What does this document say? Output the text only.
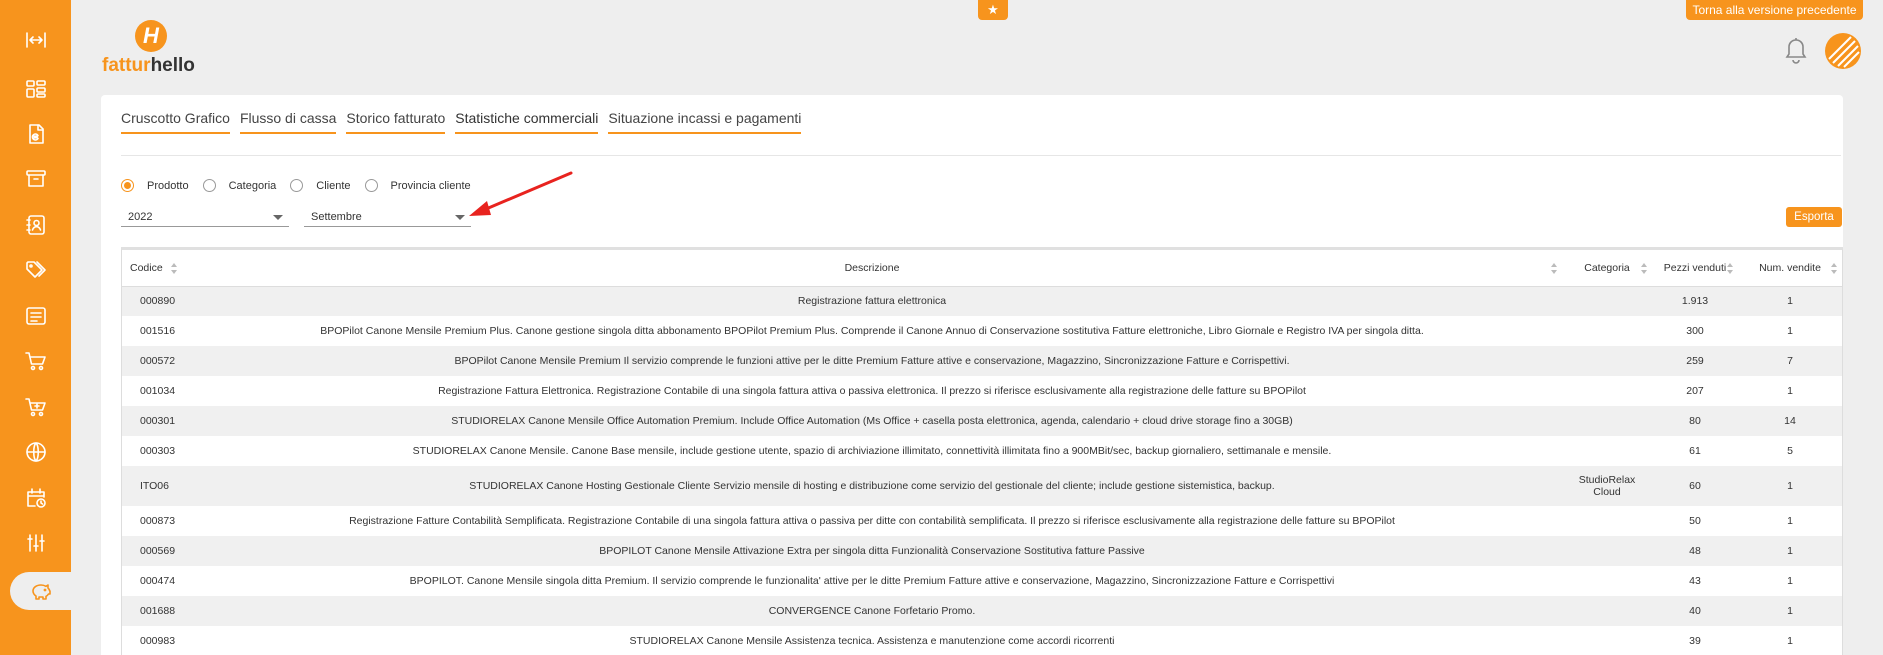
H
fatturhello
★	Torna alla versione precedente
Cruscotto Grafico Flusso di cassa Storico fatturato Statistiche commerciali Situazione incassi e pagamenti
Prodotto	Categoria	Cliente	Provincia cliente
2022	Settembre	Esporta
Codice	Descrizione	Categoria	Pezzi venduti	Num. vendite

000890	Registrazione fattura elettronica		1.913	1
001516	BPOPilot Canone Mensile Premium Plus. Canone gestione singola ditta abbonamento BPOPilot Premium Plus. Comprende il Canone Annuo di Conservazione sostitutiva Fatture elettroniche, Libro Giornale e Registro IVA per singola ditta.		300	1
000572	BPOPilot Canone Mensile Premium Il servizio comprende le funzioni attive per le ditte Premium Fatture attive e conservazione, Magazzino, Sincronizzazione Fatture e Corrispettivi.		259	7
001034	Registrazione Fattura Elettronica. Registrazione Contabile di una singola fattura attiva o passiva elettronica. Il prezzo si riferisce esclusivamente alla registrazione delle fatture su BPOPilot		207	1
000301	STUDIORELAX Canone Mensile Office Automation Premium. Include Office Automation (Ms Office + casella posta elettronica, agenda, calendario + cloud drive storage fino a 30GB)		80	14
000303	STUDIORELAX Canone Mensile. Canone Base mensile, include gestione utente, spazio di archiviazione illimitato, connettività illimitata fino a 900MBit/sec, backup giornaliero, settimanale e mensile.		61	5
ITO06	STUDIORELAX Canone Hosting Gestionale Cliente Servizio mensile di hosting e distribuzione come servizio del gestionale del cliente; include gestione sistemistica, backup.	StudioRelax Cloud	60	1
000873	Registrazione Fatture Contabilità Semplificata. Registrazione Contabile di una singola fattura attiva o passiva per ditte con contabilità semplificata. Il prezzo si riferisce esclusivamente alla registrazione delle fatture su BPOPilot		50	1
000569	BPOPILOT Canone Mensile Attivazione Extra per singola ditta Funzionalità Conservazione Sostitutiva fatture Passive		48	1
000474	BPOPILOT. Canone Mensile singola ditta Premium. Il servizio comprende le funzionalita' attive per le ditte Premium Fatture attive e conservazione, Magazzino, Sincronizzazione Fatture e Corrispettivi		43	1
001688	CONVERGENCE Canone Forfetario Promo.		40	1
000983	STUDIORELAX Canone Mensile Assistenza tecnica. Assistenza e manutenzione come accordi ricorrenti		39	1
